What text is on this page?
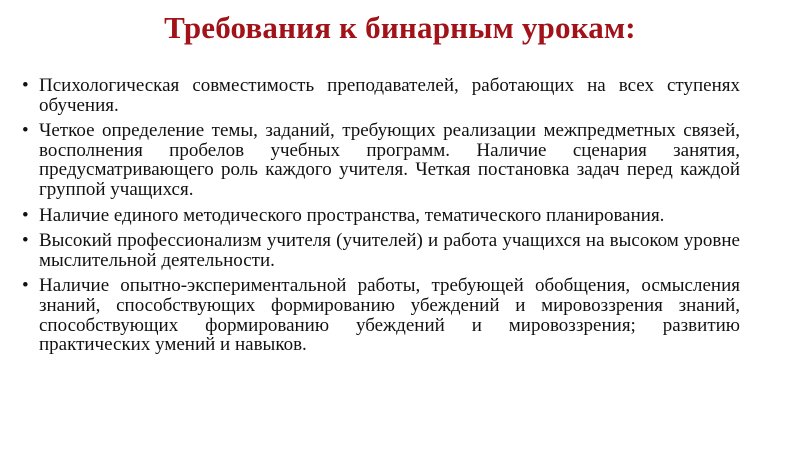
Требования к бинарным урокам:
• Психологическая совместимость преподавателей, работающих на всех ступенях обучения.
• Четкое определение темы, заданий, требующих реализации межпредметных связей, восполнения пробелов учебных программ. Наличие сценария занятия, предусматривающего роль каждого учителя. Четкая постановка задач перед каждой группой учащихся.
• Наличие единого методического пространства, тематического планирования.
• Высокий профессионализм учителя (учителей) и работа учащихся на высоком уровне мыслительной деятельности.
• Наличие опытно-экспериментальной работы, требующей обобщения, осмысления знаний, способствующих формированию убеждений и мировоззрения знаний, способствующих формированию убеждений и мировоззрения; развитию практических умений и навыков.
